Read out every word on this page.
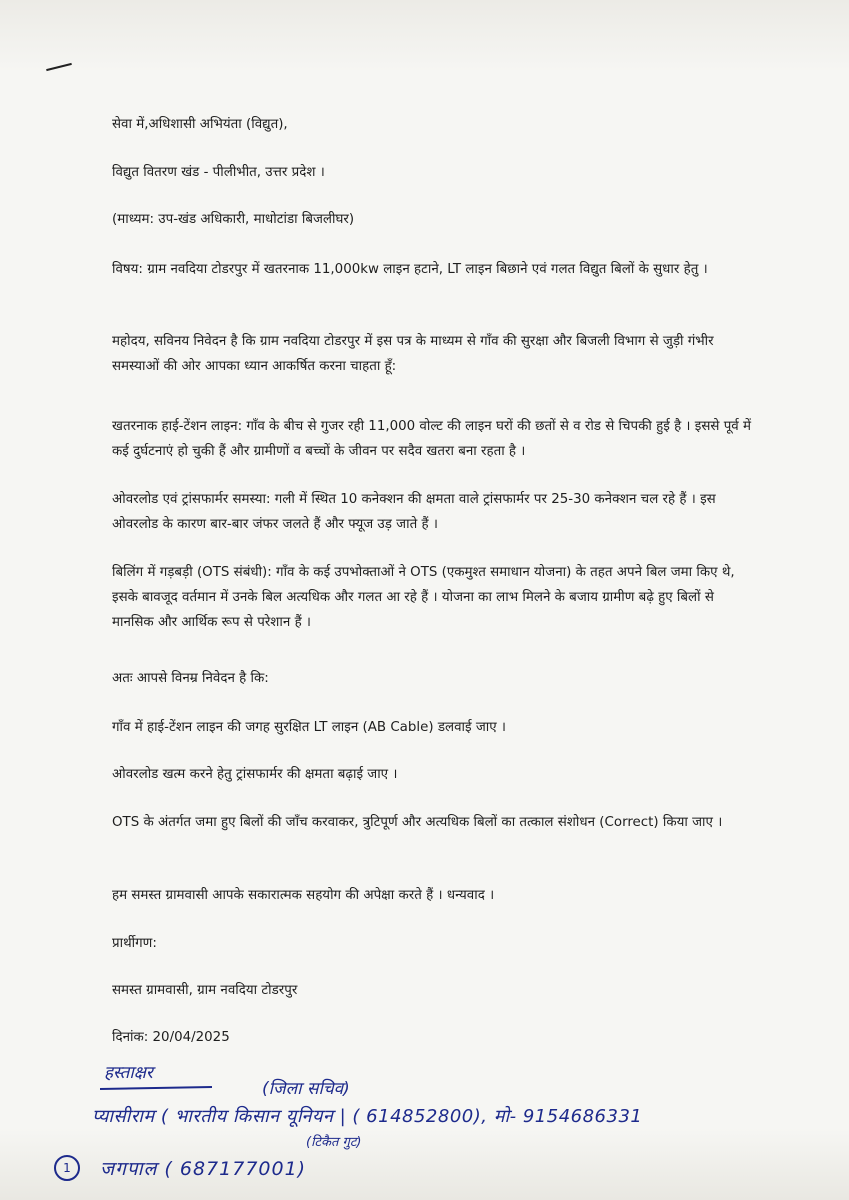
सेवा में,अधिशासी अभियंता (विद्युत),
विद्युत वितरण खंड - पीलीभीत, उत्तर प्रदेश ।
(माध्यम: उप-खंड अधिकारी, माधोटांडा बिजलीघर)
विषय: ग्राम नवदिया टोडरपुर में खतरनाक 11,000kw लाइन हटाने, LT लाइन बिछाने एवं गलत विद्युत बिलों के सुधार हेतु ।
महोदय, सविनय निवेदन है कि ग्राम नवदिया टोडरपुर में इस पत्र के माध्यम से गाँव की सुरक्षा और बिजली विभाग से जुड़ी गंभीर समस्याओं की ओर आपका ध्यान आकर्षित करना चाहता हूँ:
खतरनाक हाई-टेंशन लाइन: गाँव के बीच से गुजर रही 11,000 वोल्ट की लाइन घरों की छतों से व रोड से चिपकी हुई है । इससे पूर्व में कई दुर्घटनाएं हो चुकी हैं और ग्रामीणों व बच्चों के जीवन पर सदैव खतरा बना रहता है ।
ओवरलोड एवं ट्रांसफार्मर समस्या: गली में स्थित 10 कनेक्शन की क्षमता वाले ट्रांसफार्मर पर 25-30 कनेक्शन चल रहे हैं । इस ओवरलोड के कारण बार-बार जंफर जलते हैं और फ्यूज उड़ जाते हैं ।
बिलिंग में गड़बड़ी (OTS संबंधी): गाँव के कई उपभोक्ताओं ने OTS (एकमुश्त समाधान योजना) के तहत अपने बिल जमा किए थे, इसके बावजूद वर्तमान में उनके बिल अत्यधिक और गलत आ रहे हैं । योजना का लाभ मिलने के बजाय ग्रामीण बढ़े हुए बिलों से मानसिक और आर्थिक रूप से परेशान हैं ।
अतः आपसे विनम्र निवेदन है कि:
गाँव में हाई-टेंशन लाइन की जगह सुरक्षित LT लाइन (AB Cable) डलवाई जाए ।
ओवरलोड खत्म करने हेतु ट्रांसफार्मर की क्षमता बढ़ाई जाए ।
OTS के अंतर्गत जमा हुए बिलों की जाँच करवाकर, त्रुटिपूर्ण और अत्यधिक बिलों का तत्काल संशोधन (Correct) किया जाए ।
हम समस्त ग्रामवासी आपके सकारात्मक सहयोग की अपेक्षा करते हैं । धन्यवाद ।
प्रार्थीगण:
समस्त ग्रामवासी, ग्राम नवदिया टोडरपुर
दिनांक: 20/04/2025
हस्ताक्षर
(जिला सचिव)
प्यासीराम ( भारतीय किसान यूनियन | ( 614852800), मो- 9154686331
(टिकैत गुट)
1	जगपाल ( 687177001)
